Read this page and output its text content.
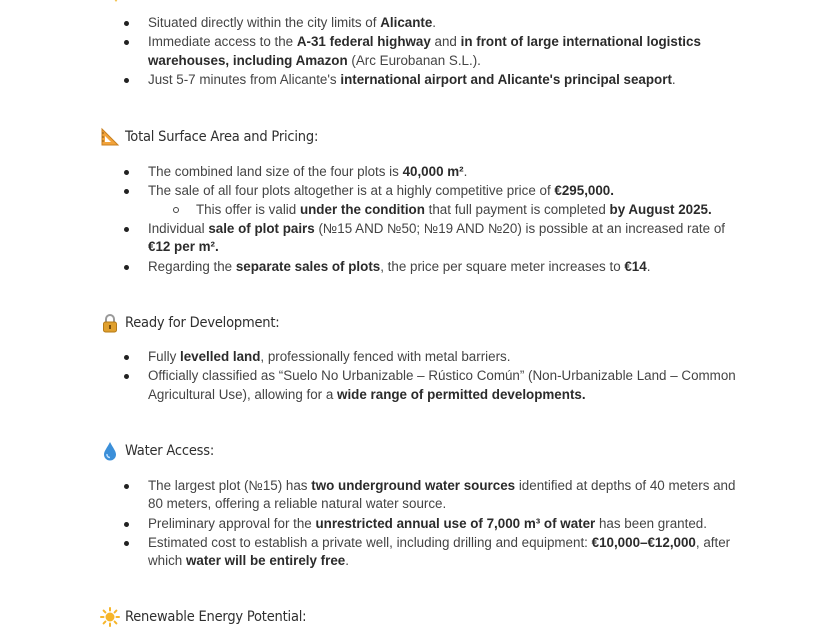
Situated directly within the city limits of Alicante.
Immediate access to the A-31 federal highway and in front of large international logistics warehouses, including Amazon (Arc Eurobanan S.L.).
Just 5-7 minutes from Alicante's international airport and Alicante's principal seaport.
Total Surface Area and Pricing:
The combined land size of the four plots is 40,000 m².
The sale of all four plots altogether is at a highly competitive price of €295,000.
This offer is valid under the condition that full payment is completed by August 2025.
Individual sale of plot pairs (№15 AND №50; №19 AND №20) is possible at an increased rate of €12 per m².
Regarding the separate sales of plots, the price per square meter increases to €14.
Ready for Development:
Fully levelled land, professionally fenced with metal barriers.
Officially classified as “Suelo No Urbanizable – Rústico Común” (Non-Urbanizable Land – Common Agricultural Use), allowing for a wide range of permitted developments.
Water Access:
The largest plot (№15) has two underground water sources identified at depths of 40 meters and 80 meters, offering a reliable natural water source.
Preliminary approval for the unrestricted annual use of 7,000 m³ of water has been granted.
Estimated cost to establish a private well, including drilling and equipment: €10,000–€12,000, after which water will be entirely free.
Renewable Energy Potential:
